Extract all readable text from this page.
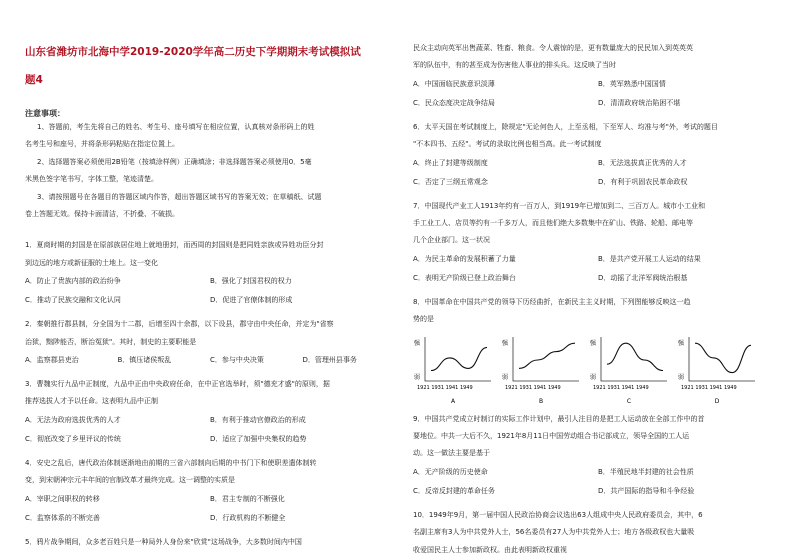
山东省潍坊市北海中学2019-2020学年高二历史下学期期末考试模拟试
题4
注意事项：

1、答题前，考生先将自己的姓名、考生号、座号填写在相应位置，认真核对条形码上的姓

名考生号和座号，并将条形码粘贴在指定位置上。

2、选择题答案必须使用2B铅笔（按填涂样例）正确填涂；非选择题答案必须使用0．5毫

米黑色签字笔书写，字体工整，笔迹清楚。

3、请按照题号在各题目的答题区域内作答，超出答题区域书写的答案无效；在草稿纸、试题

卷上答题无效。保持卡面清洁，不折叠、不破损。

1．夏商时期的封国是在原部族居住地上就地册封，而西周的封国则是把同姓亲族或异姓功臣分封

到边远的地方或新征服的土地上。这一变化

A．防止了贵族内部的政治纷争	B．强化了封国君权的权力
C．推动了民族交融和文化认同	D．促进了官僚体制的形成

2．秦朝推行郡县制，分全国为十二郡，后增至四十余郡，以下设县，郡守由中央任命，并定为"省察

治狱，黜陟能否，断治冤狱"。其时，制史的主要职能是

A．监察郡县吏治	B．镇压诸侯叛乱	C．参与中央决策	D．管理州县事务

3．曹魏实行九品中正制度，九品中正由中央政府任命，在中正官选举时，须"德充才盛"的原则，据

推荐选拔人才予以任命。这表明九品中正制

A．无法为政府选拔优秀的人才	B．有利于推动官僚政治的形成
C．彻底改变了乡里评议的传统	D．适应了加强中央集权的趋势

4．安史之乱后，唐代政治体制逐渐地由前期的三省六部制向后期的中书门下和使职差遣体制转

变，到宋朝神宗元丰年间的官制改革才最终完成。这一调整的实质是

A．宰职之间职权的转移	B．君主专制的不断强化
C．监察体系的不断完善	D．行政机构的不断健全

5．鸦片战争期间，众多老百姓只是一种局外人身份来"欣赏"这场战争，大多数时间内中国

民众主动向英军出售蔬菜、牲畜、粮食。令人震惊的是，更有数量庞大的民民加入到英英英

军的队伍中，有的甚至成为伤害他人事业的排头兵。这反映了当时

A．中国面临民族意识淡薄	B．英军熟悉中国国情
C．民众态度决定战争结局	D．清清政府统治陷困不堪

6．太平天国在考试制度上，除规定"无论何色人，上至丞相，下至军人、均准与考"外，考试的题目

"不本四书、五经"。考试的录取比例也相当高。此一考试制度

A．终止了封建等级制度	B．无法选拔真正优秀的人才
C．否定了三纲五常观念	D．有利于巩固农民革命政权

7．中国现代产业工人1913年约有一百万人，到1919年已增加到二、三百万人。城市小工业和

手工业工人、店员等约有一千多万人，而且他们绝大多数集中在矿山、铁路、轮船、邮电等

几个企业部门。这一状况

A．为民主革命的发展积蓄了力量	B．是共产党开展工人运动的结果
C．表明无产阶级已登上政治舞台	D．动摇了北洋军阀统治根基

8．中国革命在中国共产党的领导下历经曲折，在新民主主义时期，下列图能够反映这一趋

势的是

强
弱
1921 1931 1941 1949
A
强
弱
1921 1931 1941 1949
B
强
弱
1921 1931 1941 1949
C
强
弱
1921 1931 1941 1949
D

9．中国共产党成立时制订的实际工作计划中，最引人注目的是把工人运动放在全部工作中的首

要地位。中共一大后不久，1921年8月11日中国劳动组合书记部成立，领导全国的工人运

动。这一做法主要是基于

A．无产阶级的历史使命	B．半殖民地半封建的社会性质
C．反帝反封建的革命任务	D．共产国际的指导和斗争经验

10．1949年9月，第一届中国人民政治协商会议选出63人组成中央人民政府委员会，其中，6

名副主席有3人为中共党外人士，56名委员有27人为中共党外人士；地方各级政权也大量吸

收爱国民主人士参加新政权。由此表明新政权重视
